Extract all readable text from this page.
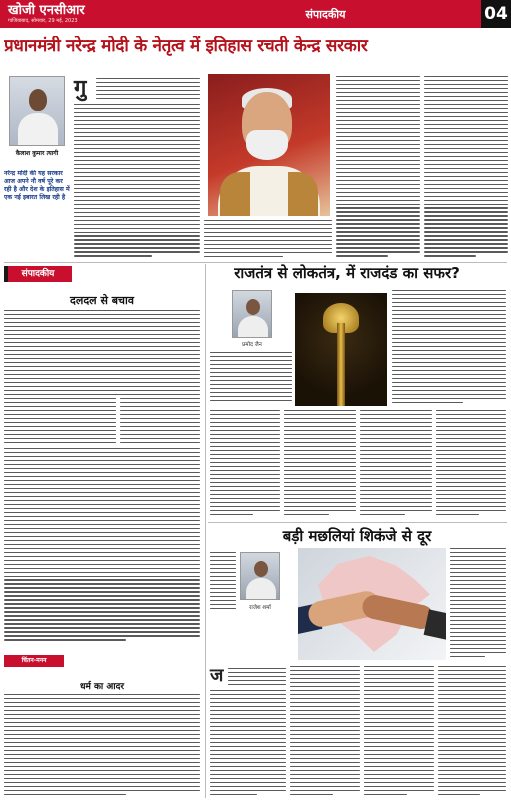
खोजी एनसीआर
गाजियाबाद, सोमवार, 29 मई, 2023	संपादकीय	04
प्रधानमंत्री नरेन्द्र मोदी के नेतृत्व में इतिहास रचती केन्द्र सरकार
कैलाश कुमार त्यागी
नरेन्द्र मोदी की यह सरकार आज अपने नौ वर्ष पूरे कर रही है और देश के इतिहास में एक नई इबारत लिख रही है
गु
संपादकीय
दलदल से बचाव
चिंतन-मनन
धर्म का आदर
राजतंत्र से लोकतंत्र, में राजदंड का सफर?
प्रमोद जैन
बड़ी मछलियां शिकंजे से दूर
राजेश शर्मा
ज
